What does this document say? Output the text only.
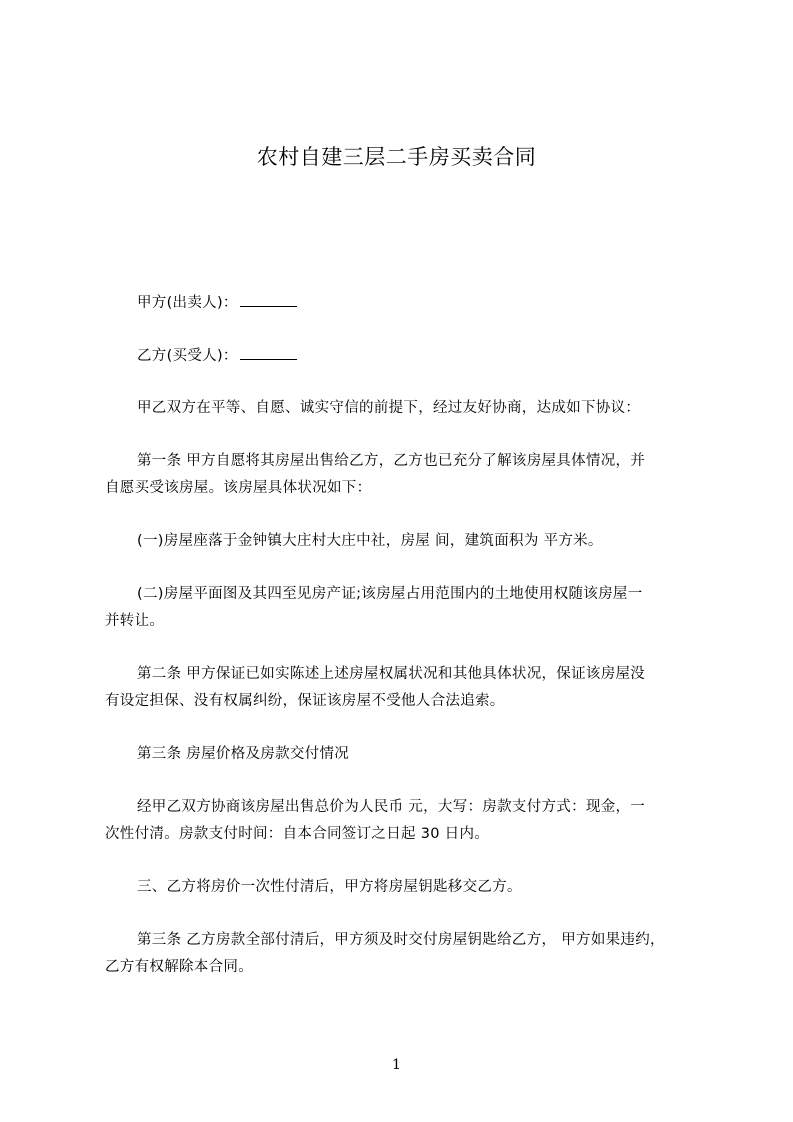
农村自建三层二手房买卖合同
甲方(出卖人)：
乙方(买受人)：
甲乙双方在平等、自愿、诚实守信的前提下，经过友好协商，达成如下协议：
第一条 甲方自愿将其房屋出售给乙方，乙方也已充分了解该房屋具体情况，并
自愿买受该房屋。该房屋具体状况如下：
(一)房屋座落于金钟镇大庄村大庄中社，房屋 间，建筑面积为 平方米。
(二)房屋平面图及其四至见房产证;该房屋占用范围内的土地使用权随该房屋一
并转让。
第二条 甲方保证已如实陈述上述房屋权属状况和其他具体状况，保证该房屋没
有设定担保、没有权属纠纷，保证该房屋不受他人合法追索。
第三条 房屋价格及房款交付情况
经甲乙双方协商该房屋出售总价为人民币 元，大写：房款支付方式：现金，一
次性付清。房款支付时间：自本合同签订之日起 30 日内。
三、乙方将房价一次性付清后，甲方将房屋钥匙移交乙方。
第三条 乙方房款全部付清后，甲方须及时交付房屋钥匙给乙方， 甲方如果违约，
乙方有权解除本合同。
1
